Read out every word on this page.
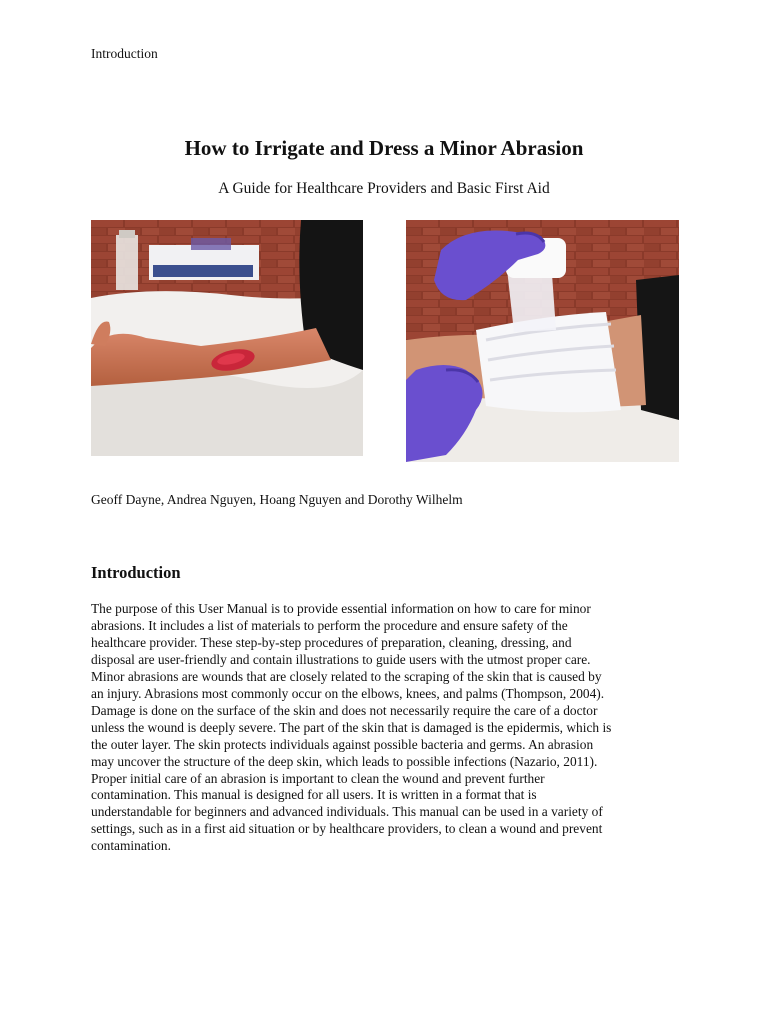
Introduction
How to Irrigate and Dress a Minor Abrasion

A Guide for Healthcare Providers and Basic First Aid

Geoff Dayne, Andrea Nguyen, Hoang Nguyen and Dorothy Wilhelm
Introduction

The purpose of this User Manual is to provide essential information on how to care for minor
abrasions. It includes a list of materials to perform the procedure and ensure safety of the
healthcare provider. These step-by-step procedures of preparation, cleaning, dressing, and
disposal are user-friendly and contain illustrations to guide users with the utmost proper care.
Minor abrasions are wounds that are closely related to the scraping of the skin that is caused by
an injury. Abrasions most commonly occur on the elbows, knees, and palms (Thompson, 2004).
Damage is done on the surface of the skin and does not necessarily require the care of a doctor
unless the wound is deeply severe. The part of the skin that is damaged is the epidermis, which is
the outer layer. The skin protects individuals against possible bacteria and germs. An abrasion
may uncover the structure of the deep skin, which leads to possible infections (Nazario, 2011).
Proper initial care of an abrasion is important to clean the wound and prevent further
contamination. This manual is designed for all users. It is written in a format that is
understandable for beginners and advanced individuals. This manual can be used in a variety of
settings, such as in a first aid situation or by healthcare providers, to clean a wound and prevent
contamination.
